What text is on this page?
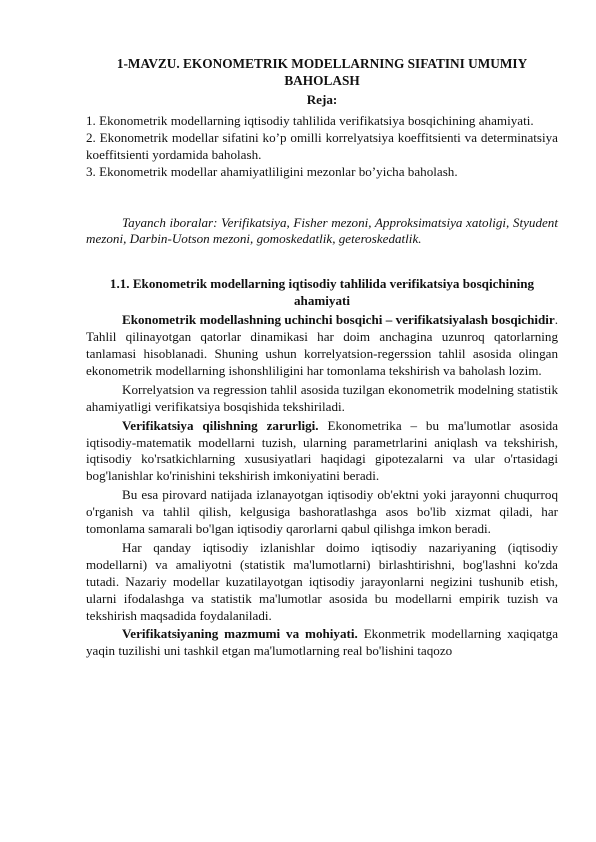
1-MAVZU. EKONOMETRIK MODELLARNING SIFATINI UMUMIY
BAHOLASH
Reja:

1. Ekonometrik modellarning iqtisodiy tahlilida verifikatsiya bosqichining ahamiyati.

2. Ekonometrik modellar sifatini ko’p omilli korrelyatsiya koeffitsienti va determinatsiya koeffitsienti yordamida baholash.

3. Ekonometrik modellar ahamiyatliligini mezonlar bo’yicha baholash.

Tayanch iboralar: Verifikatsiya, Fisher mezoni, Approksimatsiya xatoligi, Styudent mezoni, Darbin-Uotson mezoni, gomoskedatlik, geteroskedatlik.

1.1. Ekonometrik modellarning iqtisodiy tahlilida verifikatsiya bosqichining
ahamiyati

Ekonometrik modellashning uchinchi bosqichi – verifikatsiyalash bosqichidir. Tahlil qilinayotgan qatorlar dinamikasi har doim anchagina uzunroq qatorlarning tanlamasi hisoblanadi. Shuning ushun korrelyatsion-regerssion tahlil asosida olingan ekonometrik modellarning ishonshliligini har tomonlama tekshirish va baholash lozim.

Korrelyatsion va regression tahlil asosida tuzilgan ekonometrik modelning statistik ahamiyatligi verifikatsiya bosqishida tekshiriladi.

Verifikatsiya qilishning zarurligi. Ekonometrika – bu ma'lumotlar asosida iqtisodiy-matematik modellarni tuzish, ularning parametrlarini aniqlash va tekshirish, iqtisodiy ko'rsatkichlarning xususiyatlari haqidagi gipotezalarni va ular o'rtasidagi bog'lanishlar ko'rinishini tekshirish imkoniyatini beradi.

Bu esa pirovard natijada izlanayotgan iqtisodiy ob'ektni yoki jarayonni chuqurroq o'rganish va tahlil qilish, kelgusiga bashoratlashga asos bo'lib xizmat qiladi, har tomonlama samarali bo'lgan iqtisodiy qarorlarni qabul qilishga imkon beradi.

Har qanday iqtisodiy izlanishlar doimo iqtisodiy nazariyaning (iqtisodiy modellarni) va amaliyotni (statistik ma'lumotlarni) birlashtirishni, bog'lashni ko'zda tutadi. Nazariy modellar kuzatilayotgan iqtisodiy jarayonlarni negizini tushunib etish, ularni ifodalashga va statistik ma'lumotlar asosida bu modellarni empirik tuzish va tekshirish maqsadida foydalaniladi.

Verifikatsiyaning mazmumi va mohiyati. Ekonmetrik modellarning xaqiqatga yaqin tuzilishi uni tashkil etgan ma'lumotlarning real bo'lishini taqozo
